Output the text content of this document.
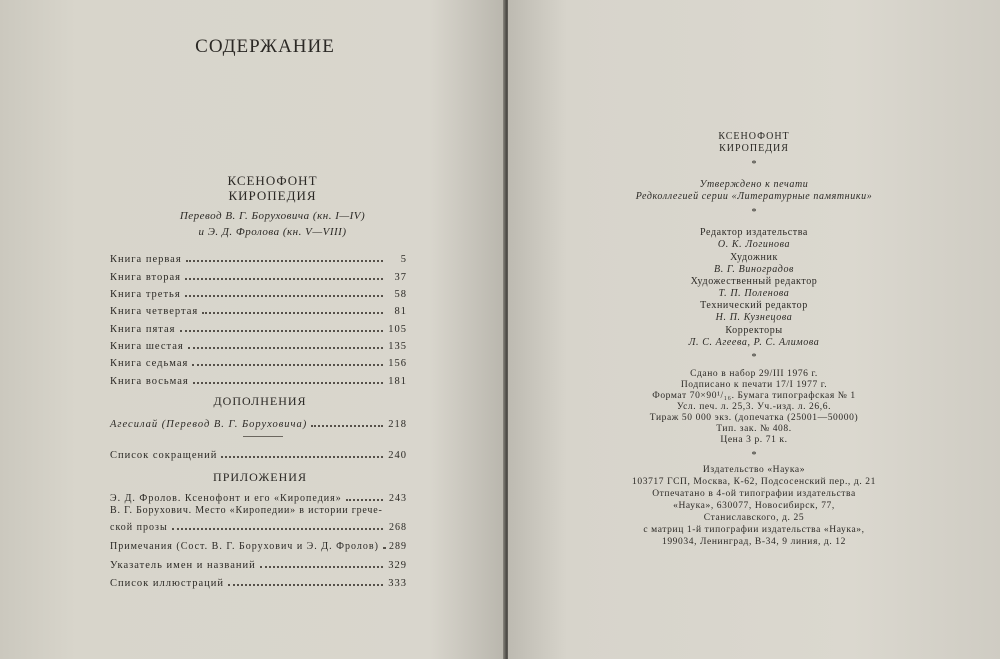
СОДЕРЖАНИЕ
КСЕНОФОНТ
КИРОПЕДИЯ
Перевод В. Г. Боруховича (кн. I—IV)
и Э. Д. Фролова (кн. V—VIII)
Книга первая	5
Книга вторая	37
Книга третья	58
Книга четвертая	81
Книга пятая	105
Книга шестая	135
Книга седьмая	156
Книга восьмая	181
ДОПОЛНЕНИЯ
Агесилай (Перевод В. Г. Боруховича)	218
Список сокращений	240
ПРИЛОЖЕНИЯ
Э. Д. Фролов. Ксенофонт и его «Киропедия»	243
В. Г. Борухович. Место «Киропедии» в истории грече-
ской прозы	268
Примечания (Сост. В. Г. Борухович и Э. Д. Фролов) 289
Указатель имен и названий	329
Список иллюстраций	333
КСЕНОФОНТ
КИРОПЕДИЯ
*
Утверждено к печати
Редколлегией серии «Литературные памятники»
*
Редактор издательства
О. К. Логинова
Художник
В. Г. Виноградов
Художественный редактор
Т. П. Поленова
Технический редактор
Н. П. Кузнецова
Корректоры
Л. С. Агеева, Р. С. Алимова
*
Сдано в набор 29/III 1976 г.
Подписано к печати 17/I 1977 г.
Формат 70×90¹/₁₆. Бумага типографская № 1
Усл. печ. л. 25,3. Уч.-изд. л. 26,6.
Тираж 50 000 экз. (допечатка (25001—50000)
Тип. зак. № 408.
Цена 3 р. 71 к.
*
Издательство «Наука»
103717 ГСП, Москва, К-62, Подсосенский пер., д. 21
Отпечатано в 4-ой типографии издательства
«Наука», 630077, Новосибирск, 77,
Станиславского, д. 25
с матриц 1-й типографии издательства «Наука»,
199034, Ленинград, В-34, 9 линия, д. 12
